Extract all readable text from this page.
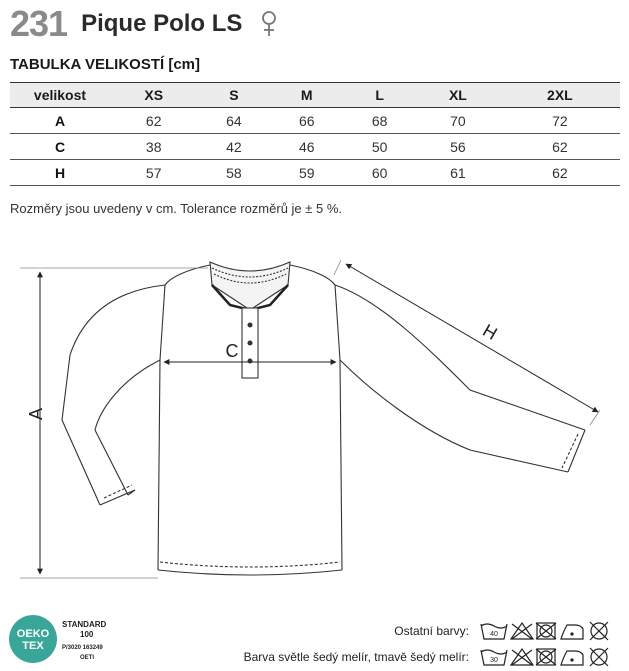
231 Pique Polo LS
TABULKA VELIKOSTÍ [cm]
velikost	XS	S	M	L	XL	2XL
A	62	64	66	68	70	72
C	38	42	46	50	56	62
H	57	58	59	60	61	62
Rozměry jsou uvedeny v cm. Tolerance rozměrů je ± 5 %.
A
C
H
OEKO
TEX
STANDARD
100
P/3020 163249
OETI
Ostatní barvy:	40
Barva světle šedý melír, tmavě šedý melír:	30
